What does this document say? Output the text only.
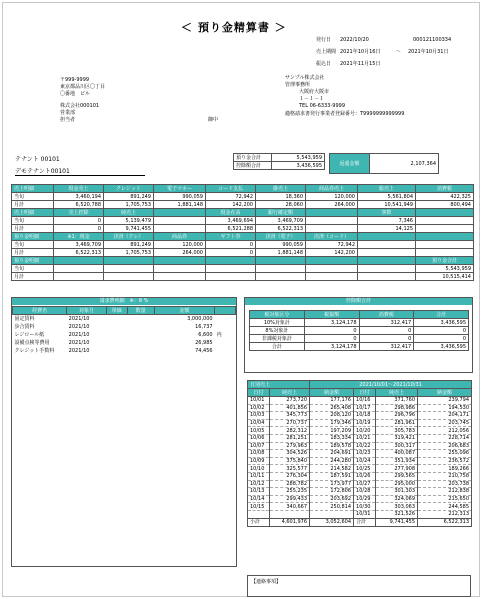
＜ 預り金精算書 ＞
発行日 2022/10/20	000121100334
売上期間 2021年10月16日	～ 2021年10月31日
振込日 2021年11月15日
〒999-9999
東京都品川区〇丁目
〇番地　ビル
株式会社000101
営業部
担当者	御中
サンプル株式会社
管理事務所
大阪府大阪市
１－１－１
TEL 06-6333-9999
適格請求書発行事業者登録番号：T9999999999999
テナント 00101
デモテナント00101
預り金合計	5,543,959
控除額合計	3,436,595	返還金額	2,107,364
売上明細	現金売上	クレジット	電子マネー	コード支払	掛売上	商品券売上	総売上	消費税
当旬	3,460,194	891,249	990,059	72,942	18,360	120,000	5,561,804	422,325
月計	6,520,788	1,705,753	1,881,148	142,200	28,060	264,000	10,541,949	800,494
売上明細	売上控除	純売上		現金在高	銀行確定額		客数	
当旬	0	5,139,479		3,469,694	3,469,709		7,346	
月計	0	9,741,455		6,521,288	6,522,313		14,125	
預り金明細	※1：現金	決済（クレ）	商品券	ギフト券	決済（電子）	決済（コード）		
当旬	3,469,709	891,249	120,000	0	990,059	72,942		
月計	6,522,313	1,705,753	264,000	0	1,881,148	142,200		
預り金明細								預り金合計
当旬								5,543,959
月計								10,515,414
請求費明細　※：8 %
経費名	対象月	単価	数量	金額	
固定賃料	2021/10			3,000,000	
歩合賃料	2021/10			16,737	
レジロール紙	2021/10			6,600	内
設備点検等費用	2021/10			26,985	
クレジット手数料	2021/10			74,456	
控除額合計
税対象区分	税抜額	消費税	合計
10%対象計	3,124,178	312,417	3,436,595
8%対象計	0	0	0
非課税対象計	0	0	0
合計	3,124,178	312,417	3,436,595
日別売上		2021/10/01～2021/10/31			
日付	純売上	納金額	日付	純売上	納金額
10/01	273,720	177,176	10/16	371,760	239,794
10/02	401,856	265,408	10/17	298,986	194,530
10/03	345,773	208,120	10/18	296,796	204,171
10/04	270,737	179,346	10/19	281,961	203,745
10/05	282,312	197,209	10/20	305,783	212,056
10/06	281,251	183,334	10/21	319,421	228,714
10/07	279,963	189,578	10/22	300,317	206,683
10/08	304,526	204,691	10/23	400,087	255,096
10/09	375,840	244,280	10/24	351,934	236,572
10/10	325,577	214,582	10/25	277,908	189,266
10/11	276,304	187,591	10/26	299,565	210,758
10/12	288,782	173,977	10/27	295,000	203,738
10/13	255,235	172,806	10/28	301,303	212,838
10/14	299,433	203,692	10/29	324,069	215,650
10/15	340,667	250,814	10/30	303,063	244,585
			10/31	321,526	212,313
小計	4,601,976	3,052,604	合計	9,741,455	6,522,313
【連絡事項】
